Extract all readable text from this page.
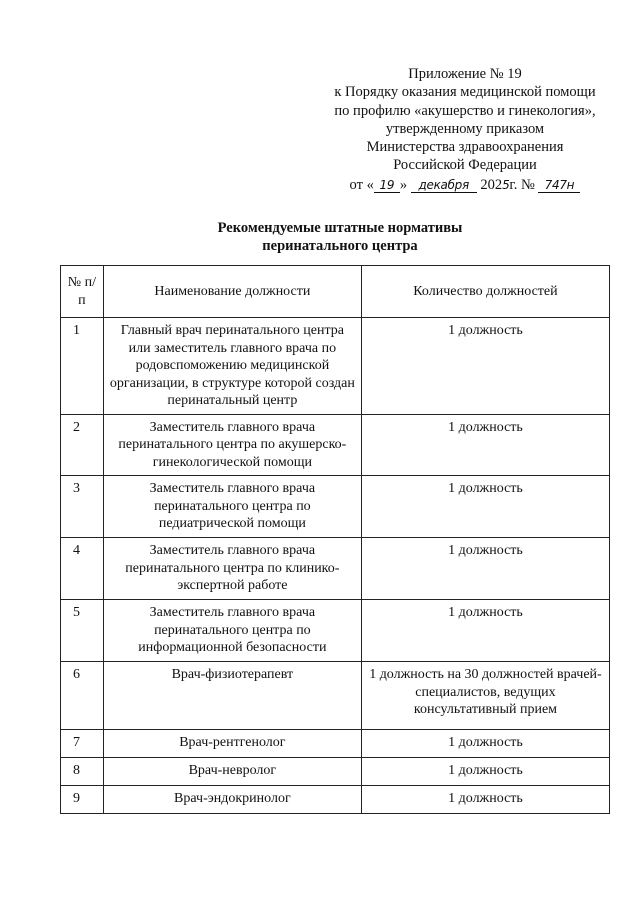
Приложение № 19
к Порядку оказания медицинской помощи
по профилю «акушерство и гинекология»,
утвержденному приказом
Министерства здравоохранения
Российской Федерации
от « 19 » декабря 2025г. № 747н
Рекомендуемые штатные нормативы
перинатального центра
№ п/п	Наименование должности	Количество должностей

1	Главный врач перинатального центра или заместитель главного врача по родовспоможению медицинской организации, в структуре которой создан перинатальный центр	1 должность

2	Заместитель главного врача перинатального центра по акушерско-гинекологической помощи	1 должность

3	Заместитель главного врача перинатального центра по педиатрической помощи	1 должность

4	Заместитель главного врача перинатального центра по клинико-экспертной работе	1 должность

5	Заместитель главного врача перинатального центра по информационной безопасности	1 должность

6	Врач-физиотерапевт	1 должность на 30 должностей врачей-специалистов, ведущих консультативный прием

7	Врач-рентгенолог	1 должность

8	Врач-невролог	1 должность

9	Врач-эндокринолог	1 должность
